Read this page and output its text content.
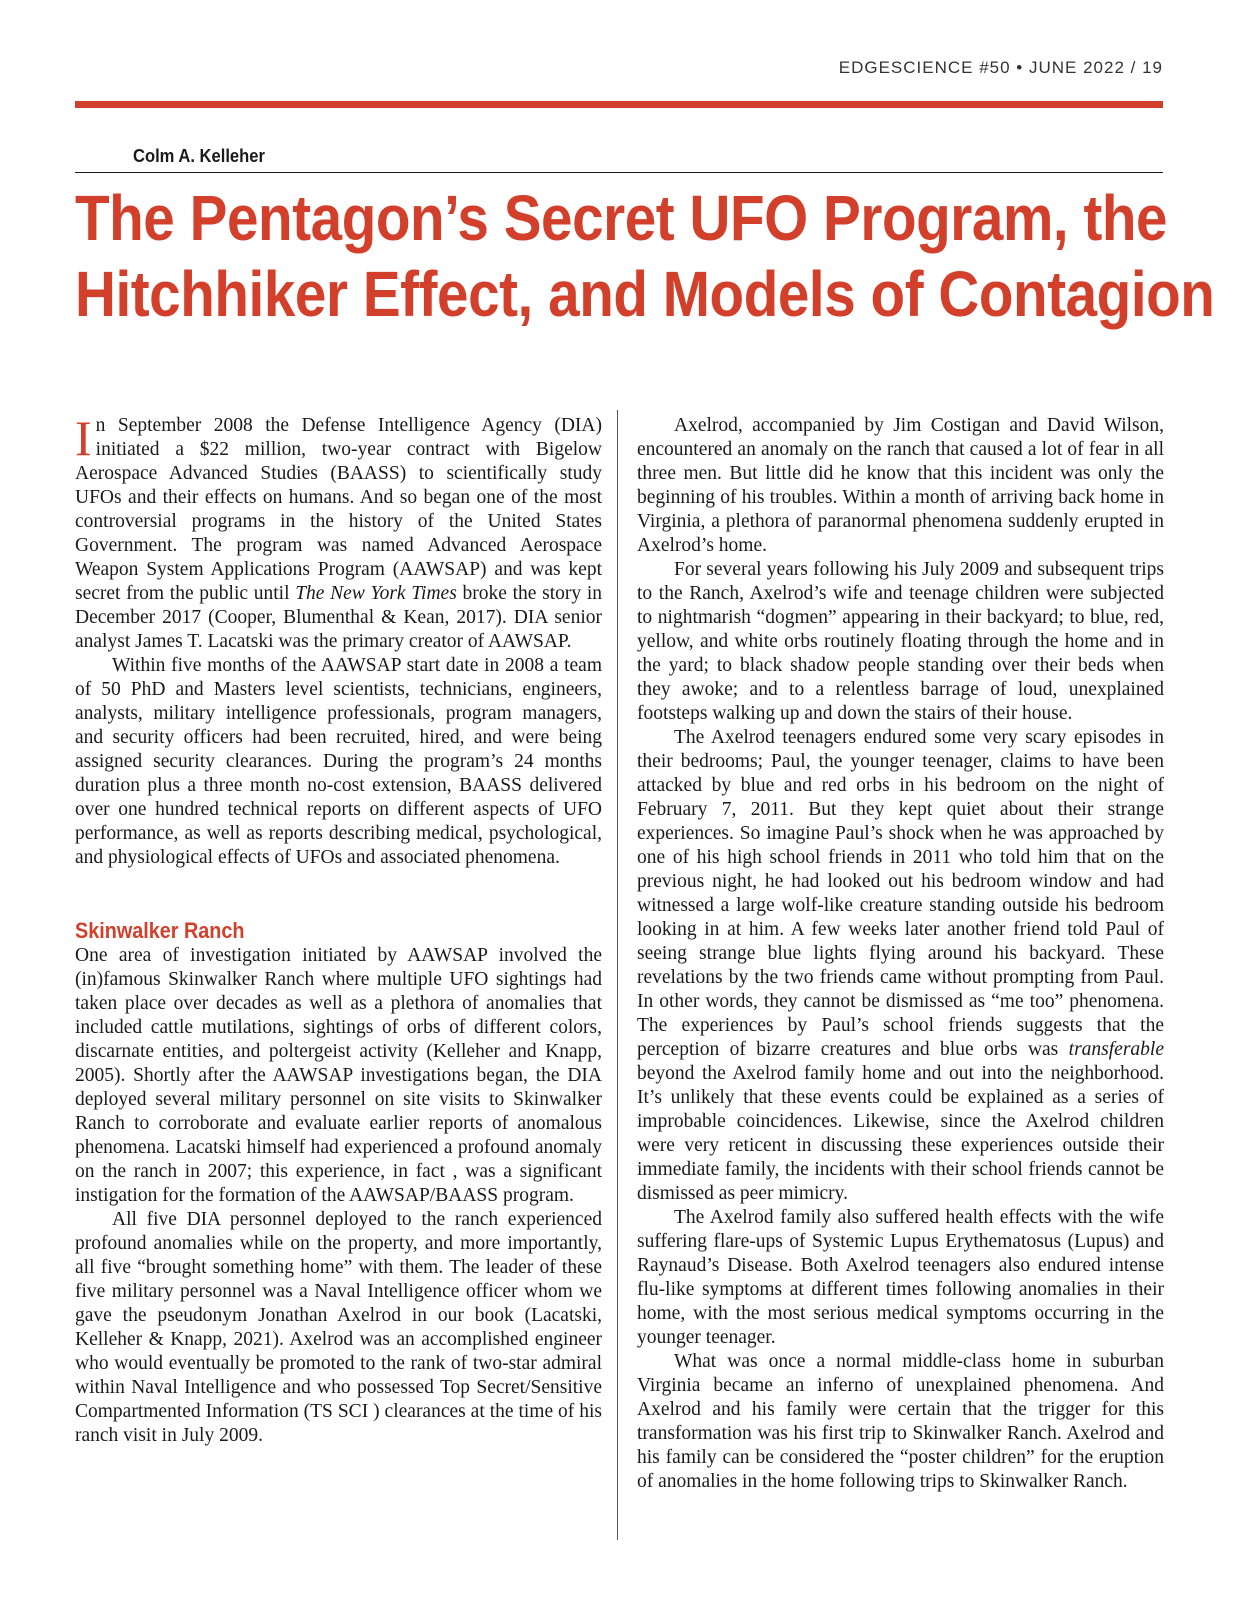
EDGESCIENCE #50 • JUNE 2022 / 19
Colm A. Kelleher
The Pentagon’s Secret UFO Program, the
Hitchhiker Effect, and Models of Contagion

In September 2008 the Defense Intelligence Agency (DIA) initiated a $22 million, two-year contract with Bigelow Aerospace Advanced Studies (BAASS) to scientifically study UFOs and their effects on humans. And so began one of the most controversial programs in the history of the United States Government. The program was named Advanced Aerospace Weapon System Applications Program (AAWSAP) and was kept secret from the public until The New York Times broke the story in December 2017 (Cooper, Blumenthal & Kean, 2017). DIA senior analyst James T. Lacatski was the primary creator of AAWSAP.

Within five months of the AAWSAP start date in 2008 a team of 50 PhD and Masters level scientists, technicians, engineers, analysts, military intelligence professionals, program managers, and security officers had been recruited, hired, and were being assigned security clearances. During the program’s 24 months duration plus a three month no-cost extension, BAASS delivered over one hundred technical reports on different aspects of UFO performance, as well as reports describing medical, psychological, and physiological effects of UFOs and associated phenomena.

Skinwalker Ranch

One area of investigation initiated by AAWSAP involved the (in)famous Skinwalker Ranch where multiple UFO sightings had taken place over decades as well as a plethora of anomalies that included cattle mutilations, sightings of orbs of different colors, discarnate entities, and poltergeist activity (Kelleher and Knapp, 2005). Shortly after the AAWSAP investigations began, the DIA deployed several military personnel on site visits to Skinwalker Ranch to corroborate and evaluate earlier reports of anomalous phenomena. Lacatski himself had experienced a profound anomaly on the ranch in 2007; this experience, in fact , was a significant instigation for the formation of the AAWSAP/BAASS program.

All five DIA personnel deployed to the ranch experienced profound anomalies while on the property, and more importantly, all five “brought something home” with them. The leader of these five military personnel was a Naval Intelligence officer whom we gave the pseudonym Jonathan Axelrod in our book (Lacatski, Kelleher & Knapp, 2021). Axelrod was an accomplished engineer who would eventually be promoted to the rank of two-star admiral within Naval Intelligence and who possessed Top Secret/Sensitive Compartmented Information (TS SCI ) clearances at the time of his ranch visit in July 2009.

Axelrod, accompanied by Jim Costigan and David Wilson, encountered an anomaly on the ranch that caused a lot of fear in all three men. But little did he know that this incident was only the beginning of his troubles. Within a month of arriving back home in Virginia, a plethora of paranormal phenomena suddenly erupted in Axelrod’s home.

For several years following his July 2009 and subsequent trips to the Ranch, Axelrod’s wife and teenage children were subjected to nightmarish “dogmen” appearing in their backyard; to blue, red, yellow, and white orbs routinely floating through the home and in the yard; to black shadow people standing over their beds when they awoke; and to a relentless barrage of loud, unexplained footsteps walking up and down the stairs of their house.

The Axelrod teenagers endured some very scary episodes in their bedrooms; Paul, the younger teenager, claims to have been attacked by blue and red orbs in his bedroom on the night of February 7, 2011. But they kept quiet about their strange experiences. So imagine Paul’s shock when he was approached by one of his high school friends in 2011 who told him that on the previous night, he had looked out his bedroom window and had witnessed a large wolf-like creature standing outside his bedroom looking in at him. A few weeks later another friend told Paul of seeing strange blue lights flying around his backyard. These revelations by the two friends came without prompting from Paul. In other words, they cannot be dismissed as “me too” phenomena. The experiences by Paul’s school friends suggests that the perception of bizarre creatures and blue orbs was transferable beyond the Axelrod family home and out into the neighborhood. It’s unlikely that these events could be explained as a series of improbable coincidences. Likewise, since the Axelrod children were very reticent in discussing these experiences outside their immediate family, the incidents with their school friends cannot be dismissed as peer mimicry.

The Axelrod family also suffered health effects with the wife suffering flare-ups of Systemic Lupus Erythematosus (Lupus) and Raynaud’s Disease. Both Axelrod teenagers also endured intense flu-like symptoms at different times following anomalies in their home, with the most serious medical symptoms occurring in the younger teenager.

What was once a normal middle-class home in suburban Virginia became an inferno of unexplained phenomena. And Axelrod and his family were certain that the trigger for this transformation was his first trip to Skinwalker Ranch. Axelrod and his family can be considered the “poster children” for the eruption of anomalies in the home following trips to Skinwalker Ranch.
